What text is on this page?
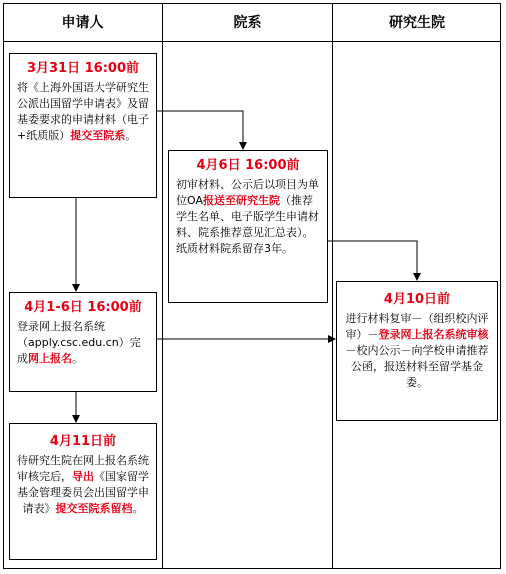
申请人	院系	研究生院
3月31日 16:00前
将《上海外国语大学研究生公派出国留学申请表》及留基委要求的申请材料（电子+纸质版）提交至院系。
4月6日 16:00前
初审材料、公示后以项目为单位OA报送至研究生院（推荐学生名单、电子版学生申请材料、院系推荐意见汇总表）。纸质材料院系留存3年。
4月1-6日 16:00前
登录网上报名系统（apply.csc.edu.cn）完成网上报名。
4月10日前
进行材料复审－（组织校内评审）－登录网上报名系统审核－校内公示－向学校申请推荐公函，报送材料至留学基金委。
4月11日前
待研究生院在网上报名系统审核完后，导出《国家留学基金管理委员会出国留学申请表》提交至院系留档。
